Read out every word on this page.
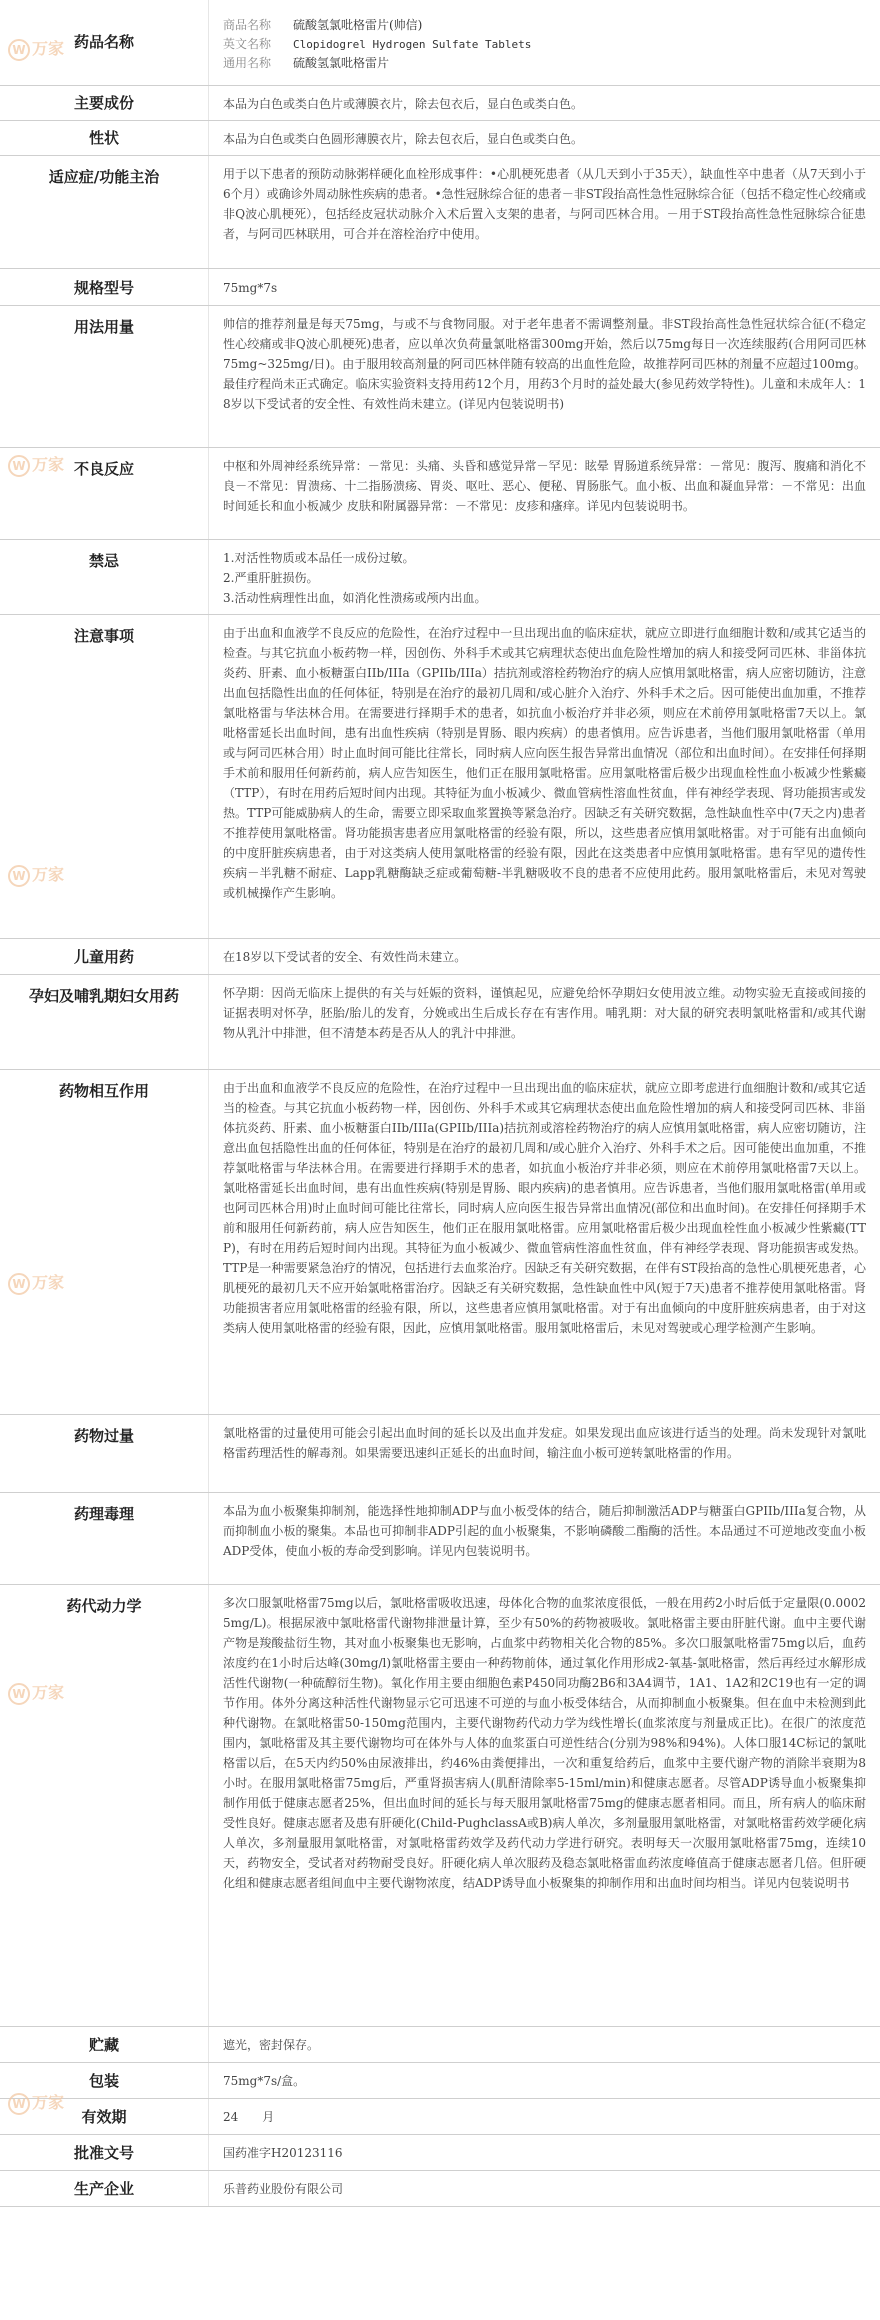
药品名称	商品名称 硫酸氢氯吡格雷片(帅信)
英文名称 Clopidogrel Hydrogen Sulfate Tablets
通用名称 硫酸氢氯吡格雷片

主要成份	本品为白色或类白色片或薄膜衣片，除去包衣后，显白色或类白色。
性状	本品为白色或类白色圆形薄膜衣片，除去包衣后，显白色或类白色。
适应症/功能主治	用于以下患者的预防动脉粥样硬化血栓形成事件：•心肌梗死患者（从几天到小于35天），缺血性卒中患者（从7天到小于6个月）或确诊外周动脉性疾病的患者。•急性冠脉综合征的患者－非ST段抬高性急性冠脉综合征（包括不稳定性心绞痛或非Q波心肌梗死），包括经皮冠状动脉介入术后置入支架的患者，与阿司匹林合用。－用于ST段抬高性急性冠脉综合征患者，与阿司匹林联用，可合并在溶栓治疗中使用。
规格型号	75mg*7s
用法用量	帅信的推荐剂量是每天75mg，与或不与食物同服。对于老年患者不需调整剂量。非ST段抬高性急性冠状综合征(不稳定性心绞痛或非Q波心肌梗死)患者，应以单次负荷量氯吡格雷300mg开始，然后以75mg每日一次连续服药(合用阿司匹林75mg~325mg/日)。由于服用较高剂量的阿司匹林伴随有较高的出血性危险，故推荐阿司匹林的剂量不应超过100mg。最佳疗程尚未正式确定。临床实验资料支持用药12个月，用药3个月时的益处最大(参见药效学特性)。儿童和未成年人：18岁以下受试者的安全性、有效性尚未建立。(详见内包装说明书)
不良反应	中枢和外周神经系统异常：－常见：头痛、头昏和感觉异常－罕见：眩晕 胃肠道系统异常：－常见：腹泻、腹痛和消化不良－不常见：胃溃疡、十二指肠溃疡、胃炎、呕吐、恶心、便秘、胃肠胀气。血小板、出血和凝血异常：－不常见：出血时间延长和血小板减少 皮肤和附属器异常：－不常见：皮疹和瘙痒。详见内包装说明书。
禁忌	1.对活性物质或本品任一成份过敏。
2.严重肝脏损伤。
3.活动性病理性出血，如消化性溃疡或颅内出血。

注意事项	由于出血和血液学不良反应的危险性，在治疗过程中一旦出现出血的临床症状，就应立即进行血细胞计数和/或其它适当的检查。与其它抗血小板药物一样，因创伤、外科手术或其它病理状态使出血危险性增加的病人和接受阿司匹林、非甾体抗炎药、肝素、血小板糖蛋白IIb/IIIa（GPIIb/IIIa）拮抗剂或溶栓药物治疗的病人应慎用氯吡格雷，病人应密切随访，注意出血包括隐性出血的任何体征，特别是在治疗的最初几周和/或心脏介入治疗、外科手术之后。因可能使出血加重，不推荐氯吡格雷与华法林合用。在需要进行择期手术的患者，如抗血小板治疗并非必须，则应在术前停用氯吡格雷7天以上。氯吡格雷延长出血时间，患有出血性疾病（特别是胃肠、眼内疾病）的患者慎用。应告诉患者，当他们服用氯吡格雷（单用或与阿司匹林合用）时止血时间可能比往常长，同时病人应向医生报告异常出血情况（部位和出血时间）。在安排任何择期手术前和服用任何新药前，病人应告知医生，他们正在服用氯吡格雷。应用氯吡格雷后极少出现血栓性血小板减少性紫癜（TTP），有时在用药后短时间内出现。其特征为血小板减少、微血管病性溶血性贫血，伴有神经学表现、肾功能损害或发热。TTP可能威胁病人的生命，需要立即采取血浆置换等紧急治疗。因缺乏有关研究数据，急性缺血性卒中(7天之内)患者不推荐使用氯吡格雷。肾功能损害患者应用氯吡格雷的经验有限，所以，这些患者应慎用氯吡格雷。对于可能有出血倾向的中度肝脏疾病患者，由于对这类病人使用氯吡格雷的经验有限，因此在这类患者中应慎用氯吡格雷。患有罕见的遗传性疾病－半乳糖不耐症、Lapp乳糖酶缺乏症或葡萄糖-半乳糖吸收不良的患者不应使用此药。服用氯吡格雷后，未见对驾驶或机械操作产生影响。
儿童用药	在18岁以下受试者的安全、有效性尚未建立。
孕妇及哺乳期妇女用药	怀孕期：因尚无临床上提供的有关与妊娠的资料，谨慎起见，应避免给怀孕期妇女使用波立维。动物实验无直接或间接的证据表明对怀孕，胚胎/胎儿的发育，分娩或出生后成长存在有害作用。哺乳期：对大鼠的研究表明氯吡格雷和/或其代谢物从乳汁中排泄，但不清楚本药是否从人的乳汁中排泄。
药物相互作用	由于出血和血液学不良反应的危险性，在治疗过程中一旦出现出血的临床症状，就应立即考虑进行血细胞计数和/或其它适当的检查。与其它抗血小板药物一样，因创伤、外科手术或其它病理状态使出血危险性增加的病人和接受阿司匹林、非甾体抗炎药、肝素、血小板糖蛋白IIb/IIIa(GPIIb/IIIa)拮抗剂或溶栓药物治疗的病人应慎用氯吡格雷，病人应密切随访，注意出血包括隐性出血的任何体征，特别是在治疗的最初几周和/或心脏介入治疗、外科手术之后。因可能使出血加重，不推荐氯吡格雷与华法林合用。在需要进行择期手术的患者，如抗血小板治疗并非必须，则应在术前停用氯吡格雷7天以上。氯吡格雷延长出血时间，患有出血性疾病(特别是胃肠、眼内疾病)的患者慎用。应告诉患者，当他们服用氯吡格雷(单用或也阿司匹林合用)时止血时间可能比往常长，同时病人应向医生报告异常出血情况(部位和出血时间)。在安排任何择期手术前和服用任何新药前，病人应告知医生，他们正在服用氯吡格雷。应用氯吡格雷后极少出现血栓性血小板减少性紫癜(TTP)，有时在用药后短时间内出现。其特征为血小板减少、微血管病性溶血性贫血，伴有神经学表现、肾功能损害或发热。TTP是一种需要紧急治疗的情况，包括进行去血浆治疗。因缺乏有关研究数据，在伴有ST段抬高的急性心肌梗死患者，心肌梗死的最初几天不应开始氯吡格雷治疗。因缺乏有关研究数据，急性缺血性中风(短于7天)患者不推荐使用氯吡格雷。肾功能损害者应用氯吡格雷的经验有限，所以，这些患者应慎用氯吡格雷。对于有出血倾向的中度肝脏疾病患者，由于对这类病人使用氯吡格雷的经验有限，因此，应慎用氯吡格雷。服用氯吡格雷后，未见对驾驶或心理学检测产生影响。
药物过量	氯吡格雷的过量使用可能会引起出血时间的延长以及出血并发症。如果发现出血应该进行适当的处理。尚未发现针对氯吡格雷药理活性的解毒剂。如果需要迅速纠正延长的出血时间，输注血小板可逆转氯吡格雷的作用。
药理毒理	本品为血小板聚集抑制剂，能选择性地抑制ADP与血小板受体的结合，随后抑制激活ADP与糖蛋白GPIIb/IIIa复合物，从而抑制血小板的聚集。本品也可抑制非ADP引起的血小板聚集，不影响磷酸二酯酶的活性。本品通过不可逆地改变血小板ADP受体，使血小板的寿命受到影响。详见内包装说明书。
药代动力学	多次口服氯吡格雷75mg以后，氯吡格雷吸收迅速，母体化合物的血浆浓度很低，一般在用药2小时后低于定量限(0.00025mg/L)。根据尿液中氯吡格雷代谢物排泄量计算，至少有50%的药物被吸收。氯吡格雷主要由肝脏代谢。血中主要代谢产物是羧酸盐衍生物，其对血小板聚集也无影响，占血浆中药物相关化合物的85%。多次口服氯吡格雷75mg以后，血药浓度约在1小时后达峰(30mg/l)氯吡格雷主要由一种药物前体，通过氧化作用形成2-氧基-氯吡格雷，然后再经过水解形成活性代谢物(一种硫醇衍生物)。氧化作用主要由细胞色素P450同功酶2B6和3A4调节，1A1、1A2和2C19也有一定的调节作用。体外分离这种活性代谢物显示它可迅速不可逆的与血小板受体结合，从而抑制血小板聚集。但在血中未检测到此种代谢物。在氯吡格雷50-150mg范围内，主要代谢物药代动力学为线性增长(血浆浓度与剂量成正比)。在很广的浓度范围内，氯吡格雷及其主要代谢物均可在体外与人体的血浆蛋白可逆性结合(分别为98%和94%)。人体口服14C标记的氯吡格雷以后，在5天内约50%由尿液排出，约46%由粪便排出，一次和重复给药后，血浆中主要代谢产物的消除半衰期为8小时。在服用氯吡格雷75mg后，严重肾损害病人(肌酐清除率5-15ml/min)和健康志愿者。尽管ADP诱导血小板聚集抑制作用低于健康志愿者25%，但出血时间的延长与每天服用氯吡格雷75mg的健康志愿者相同。而且，所有病人的临床耐受性良好。健康志愿者及患有肝硬化(Child-PughclassA或B)病人单次，多剂量服用氯吡格雷，对氯吡格雷药效学硬化病人单次，多剂量服用氯吡格雷，对氯吡格雷药效学及药代动力学进行研究。表明每天一次服用氯吡格雷75mg，连续10天，药物安全，受试者对药物耐受良好。肝硬化病人单次服药及稳态氯吡格雷血药浓度峰值高于健康志愿者几倍。但肝硬化组和健康志愿者组间血中主要代谢物浓度，结ADP诱导血小板聚集的抑制作用和出血时间均相当。详见内包装说明书
贮藏	遮光，密封保存。
包装	75mg*7s/盒。
有效期	24　　月
批准文号	国药准字H20123116
生产企业	乐普药业股份有限公司
W 万家
W 万家
W 万家
W 万家
W 万家
W 万家
